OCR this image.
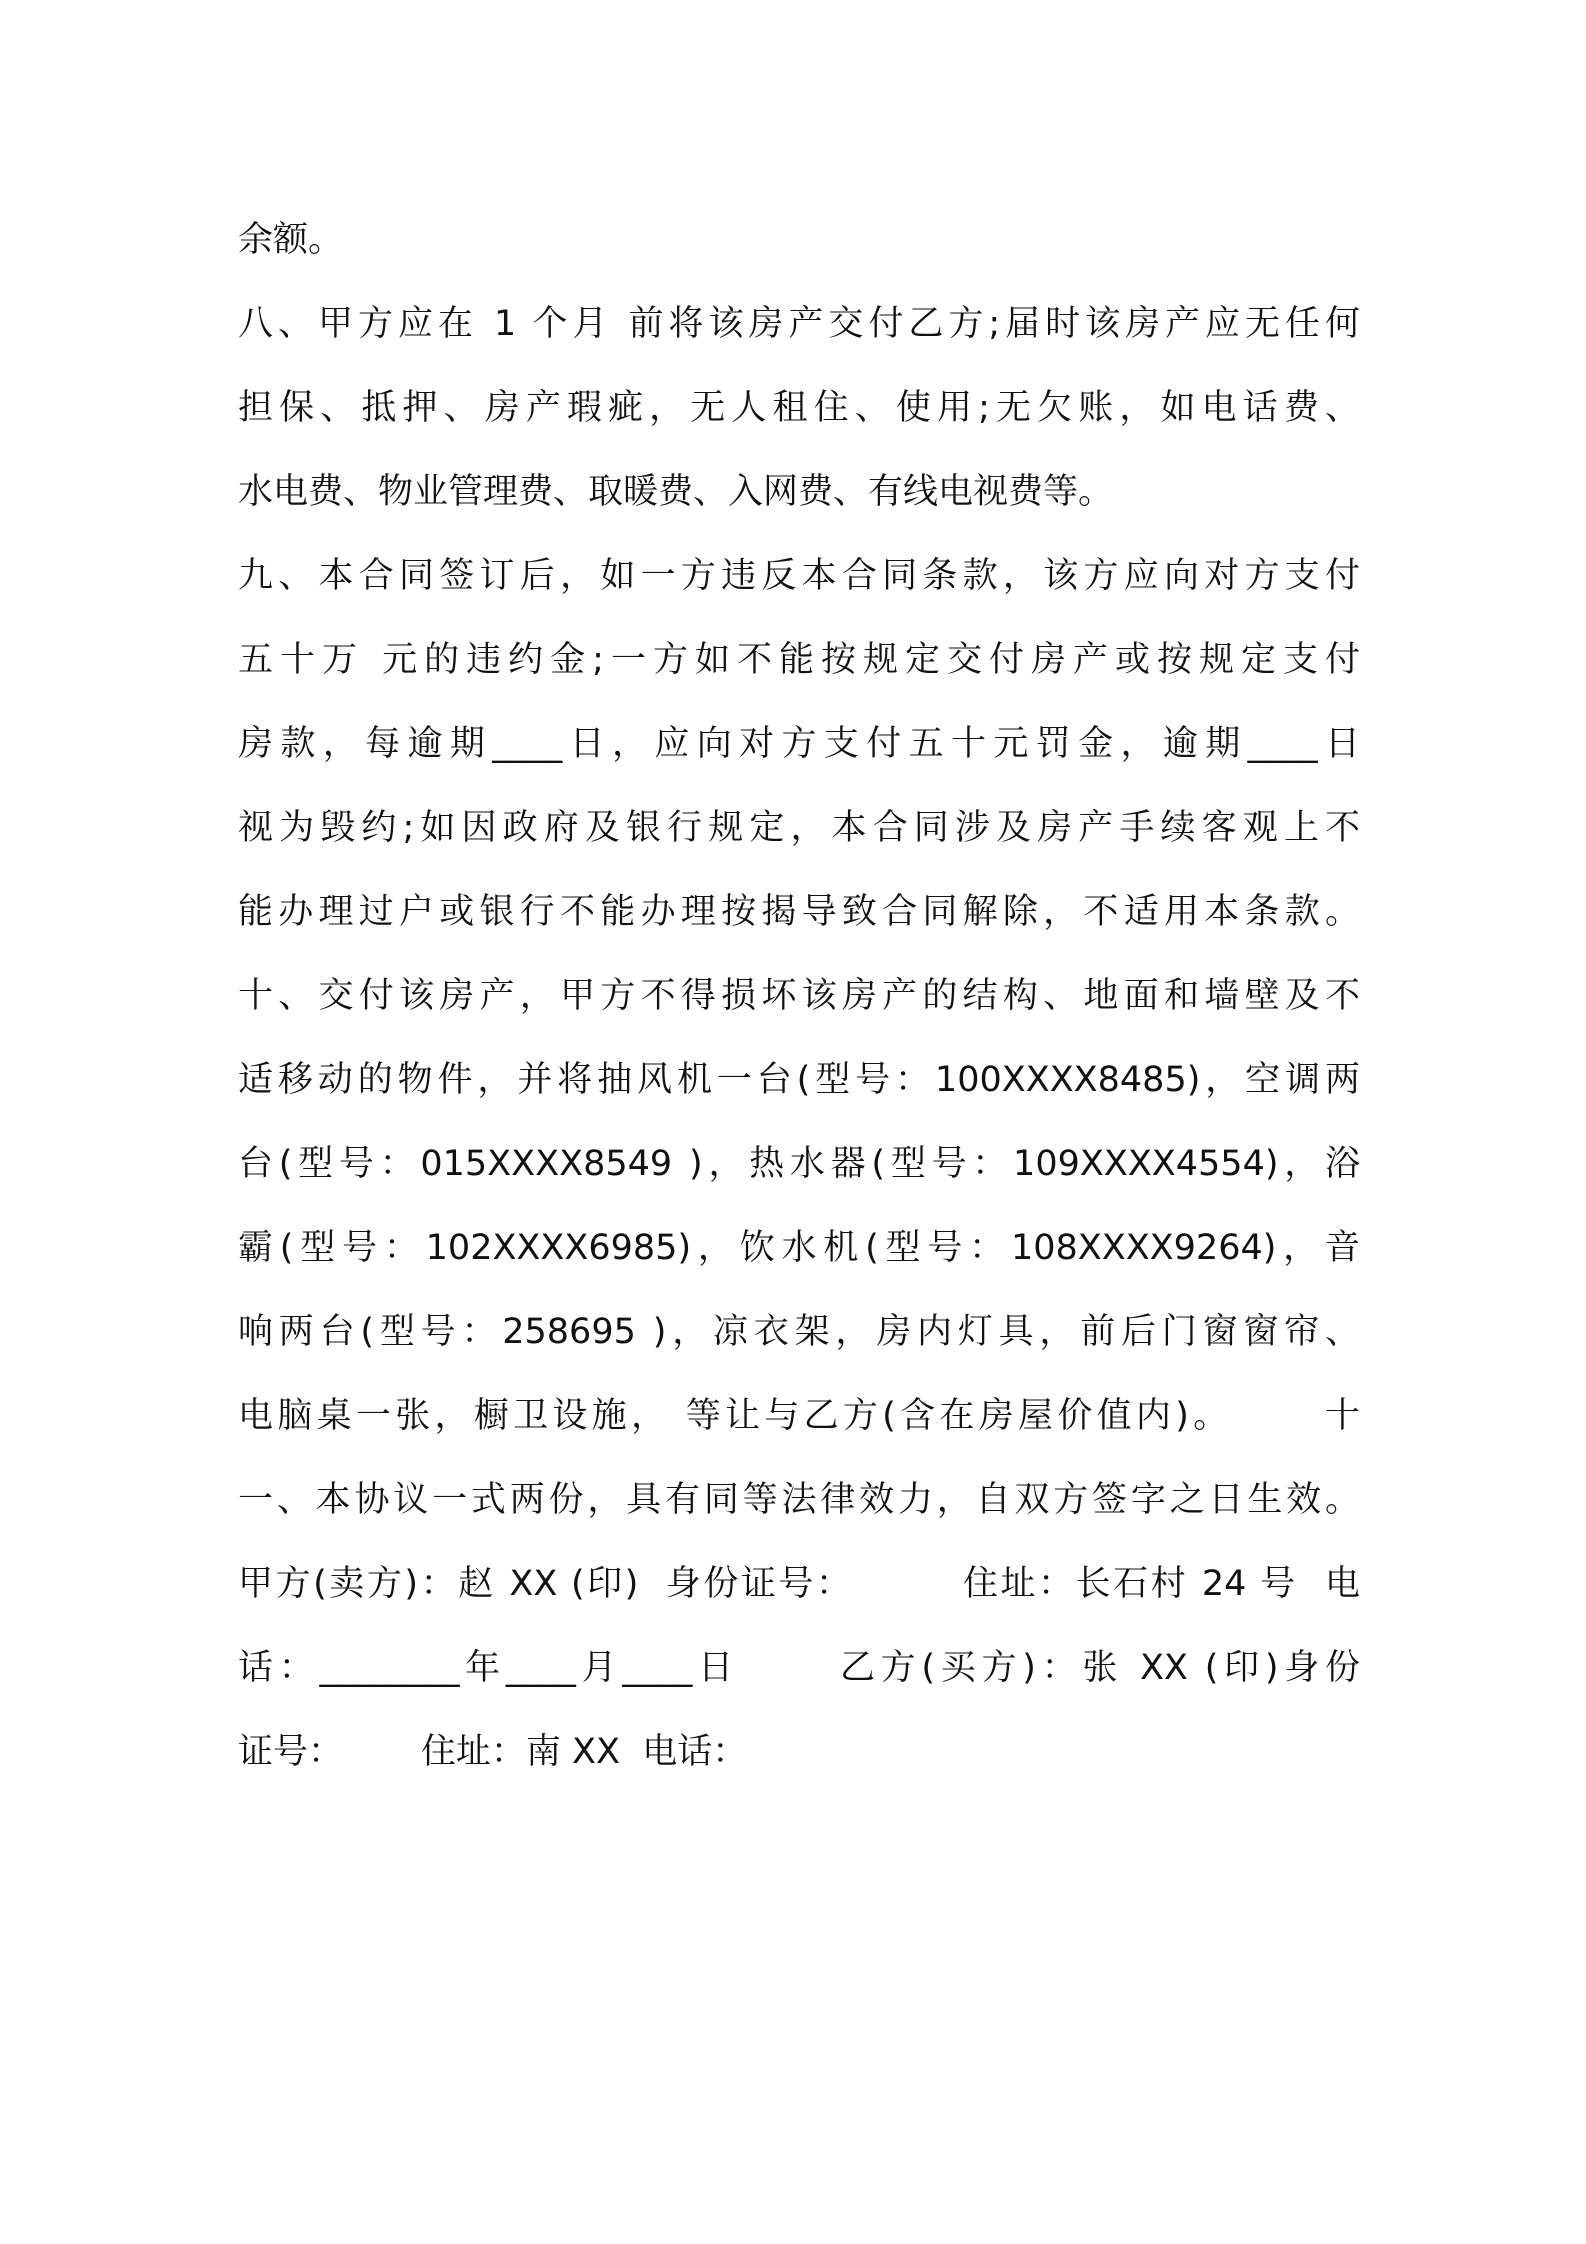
余额。
八、甲方应在 1 个月 前将该房产交付乙方;届时该房产应无任何
担保、抵押、房产瑕疵，无人租住、使用;无欠账，如电话费、
水电费、物业管理费、取暖费、入网费、有线电视费等。
九、本合同签订后，如一方违反本合同条款，该方应向对方支付
五十万 元的违约金;一方如不能按规定交付房产或按规定支付
房款，每逾期____日，应向对方支付五十元罚金，逾期____日
视为毁约;如因政府及银行规定，本合同涉及房产手续客观上不
能办理过户或银行不能办理按揭导致合同解除，不适用本条款。
十、交付该房产，甲方不得损坏该房产的结构、地面和墙壁及不
适移动的物件，并将抽风机一台(型号：100XXXX8485)，空调两
台(型号：015XXXX8549 )，热水器(型号：109XXXX4554)，浴
霸(型号：102XXXX6985)，饮水机(型号：108XXXX9264)，音
响两台(型号：258695 )，凉衣架，房内灯具，前后门窗窗帘、
电脑桌一张，橱卫设施， 等让与乙方(含在房屋价值内)。      十
一、本协议一式两份，具有同等法律效力，自双方签字之日生效。
甲方(卖方)：赵 XX (印)  身份证号：        住址：长石村 24 号  电
话：________年____月____日      乙方(买方)：张 XX (印)身份
证号：       住址：南 XX  电话：
